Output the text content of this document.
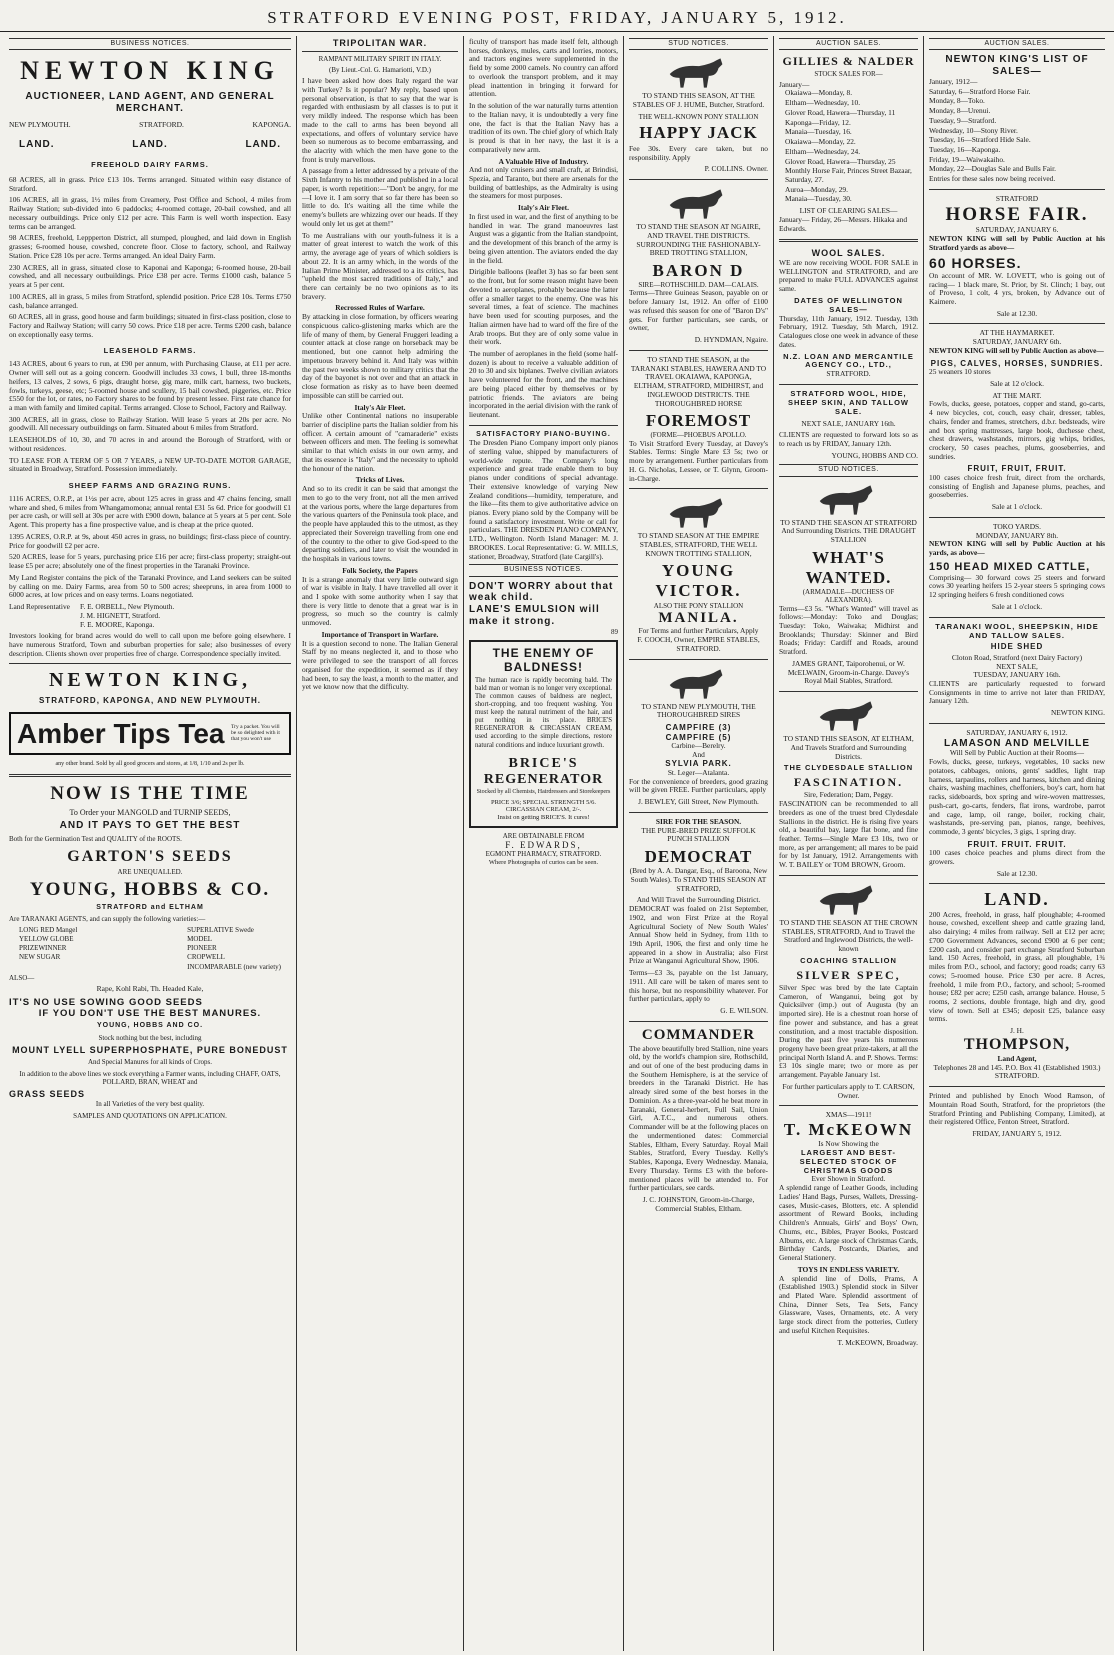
STRATFORD EVENING POST, FRIDAY, JANUARY 5, 1912.
BUSINESS NOTICES.
NEWTON KING
AUCTIONEER, LAND AGENT, AND GENERAL MERCHANT.
NEW PLYMOUTH.	STRATFORD.	KAPONGA.
LAND.	LAND.	LAND.
FREEHOLD DAIRY FARMS.

68 ACRES, all in grass. Price £13 10s. Terms arranged. Situated within easy distance of Stratford.

106 ACRES, all in grass, 1½ miles from Creamery, Post Office and School, 4 miles from Railway Station; sub-divided into 6 paddocks; 4-roomed cottage, 20-bail cowshed, and all necessary outbuildings. Price only £12 per acre. This Farm is well worth inspection. Easy terms can be arranged.

98 ACRES, freehold, Leppperton District, all stumped, ploughed, and laid down in English grasses; 6-roomed house, cowshed, concrete floor. Close to factory, school, and Railway Station. Price £28 10s per acre. Terms arranged. An ideal Dairy Farm.

230 ACRES, all in grass, situated close to Kaponai and Kaponga; 6-roomed house, 20-bail cowshed, and all necessary outbuildings. Price £38 per acre. Terms £1000 cash, balance 5 years at 5 per cent.

100 ACRES, all in grass, 5 miles from Stratford, splendid position. Price £28 10s. Terms £750 cash, balance arranged.

60 ACRES, all in grass, good house and farm buildings; situated in first-class position, close to Factory and Railway Station; will carry 50 cows. Price £18 per acre. Terms £200 cash, balance on exceptionally easy terms.

LEASEHOLD FARMS.

143 ACRES, about 6 years to run, at £90 per annum, with Purchasing Clause, at £11 per acre. Owner will sell out as a going concern. Goodwill includes 33 cows, 1 bull, three 18-months heifers, 13 calves, 2 sows, 6 pigs, draught horse, gig mare, milk cart, harness, two buckets, fowls, turkeys, geese, etc; 5-roomed house and scullery, 15 bail cowshed, piggeries, etc. Price £550 for the lot, or rates, no Factory shares to be found by present lessee. First rate chance for a man with family and limited capital. Terms arranged. Close to School, Factory and Railway.

300 ACRES, all in grass, close to Railway Station. Will lease 5 years at 20s per acre. No goodwill. All necessary outbuildings on farm. Situated about 6 miles from Stratford.

LEASEHOLDS of 10, 30, and 70 acres in and around the Borough of Stratford, with or without residences.

TO LEASE FOR A TERM OF 5 OR 7 YEARS, a NEW UP-TO-DATE MOTOR GARAGE, situated in Broadway, Stratford. Possession immediately.

SHEEP FARMS AND GRAZING RUNS.

1116 ACRES, O.R.P., at 1½s per acre, about 125 acres in grass and 47 chains fencing, small whare and shed, 6 miles from Whangamomona; annual rental £31 5s 6d. Price for goodwill £1 per acre cash, or will sell at 30s per acre with £900 down, balance at 5 years at 5 per cent. Sole Agent. This property has a fine prospective value, and is cheap at the price quoted.

1395 ACRES, O.R.P. at 9s, about 450 acres in grass, no buildings; first-class piece of country. Price for goodwill £2 per acre.

520 ACRES, lease for 5 years, purchasing price £16 per acre; first-class property; straight-out lease £5 per acre; absolutely one of the finest properties in the Taranaki Province.

My Land Register contains the pick of the Taranaki Province, and Land seekers can be suited by calling on me. Dairy Farms, area from 50 to 500 acres; sheepruns, in area from 1000 to 6000 acres, at low prices and on easy terms. Loans negotiated.

Land Representative F. E. ORBELL, New Plymouth.
J. M. HIGNETT, Stratford.
F. E. MOORE, Kaponga.

Investors looking for brand acres would do well to call upon me before going elsewhere. I have numerous Stratford, Town and suburban properties for sale; also businesses of every description. Clients shown over properties free of charge. Correspondence specially invited.

NEWTON KING,
STRATFORD, KAPONGA, AND NEW PLYMOUTH.
Amber Tips Tea Try a packet. You will be so delighted with it that you won't use
any other brand. Sold by all good grocers and stores, at 1/8, 1/10 and 2s per lb.
NOW IS THE TIME
To Order your MANGOLD and TURNIP SEEDS,
AND IT PAYS TO GET THE BEST
Both for the Germination Test and QUALITY of the ROOTS.
GARTON'S SEEDS
ARE UNEQUALLED.
YOUNG, HOBBS & CO.
STRATFORD and ELTHAM
Are TARANAKI AGENTS, and can supply the following varieties:—
LONG RED Mangel
YELLOW GLOBE
PRIZEWINNER
NEW SUGAR
SUPERLATIVE Swede
MODEL
PIONEER
CROPWELL
INCOMPARABLE (new variety)
ALSO—
Rape, Kohl Rabi, Th. Headed Kale,
IT'S NO USE SOWING GOOD SEEDS
IF YOU DON'T USE THE BEST MANURES.
YOUNG, HOBBS AND CO.
Stock nothing but the best, including
MOUNT LYELL SUPERPHOSPHATE, PURE BONEDUST
And Special Manures for all kinds of Crops.
In addition to the above lines we stock everything a Farmer wants, including CHAFF, OATS, POLLARD, BRAN, WHEAT and
GRASS SEEDS
In all Varieties of the very best quality.
SAMPLES AND QUOTATIONS ON APPLICATION.
TRIPOLITAN WAR.
RAMPANT MILITARY SPIRIT IN ITALY.
(By Lieut.-Col. G. Hamariotti, V.D.)

I have been asked how does Italy regard the war with Turkey? Is it popular? My reply, based upon personal observation, is that to say that the war is regarded with enthusiasm by all classes is to put it very mildly indeed. The response which has been made to the call to arms has been beyond all expectations, and offers of voluntary service have been so numerous as to become embarrassing, and the alacrity with which the men have gone to the front is truly marvellous.

A passage from a letter addressed by a private of the Sixth Infantry to his mother and published in a local paper, is worth repetition:—"Don't be angry, for me—I love it. I am sorry that so far there has been so little to do. It's waiting all the time while the enemy's bullets are whizzing over our heads. If they would only let us get at them!"

To me Australians with our youth-fulness it is a matter of great interest to watch the work of this army, the average age of years of which soldiers is about 22. It is an army which, in the words of the Italian Prime Minister, addressed to a its critics, has "upheld the most sacred traditions of Italy," and there can certainly be no two opinions as to its bravery.

Recrossed Rules of Warfare.

By attacking in close formation, by officers wearing conspicuous calico-glistening marks which are the life of many of them, by General Fruggeri leading a counter attack at close range on horseback may be mentioned, but one cannot help admiring the impetuous bravery behind it. And Italy was within the past two weeks shown to military critics that the day of the bayonet is not over and that an attack in close formation as risky as to have been deemed impossible can still be carried out.

Italy's Air Fleet.

Unlike other Continental nations no insuperable barrier of discipline parts the Italian soldier from his officer. A certain amount of "camaraderie" exists between officers and men. The feeling is somewhat similar to that which exists in our own army, and that its essence is "Italy" and the necessity to uphold the honour of the nation.

Tricks of Lives.

And so to its credit it can be said that amongst the men to go to the very front, not all the men arrived at the various ports, where the large departures from the various quarters of the Peninsula took place, and the people have applauded this to the utmost, as they appreciated their Sovereign travelling from one end of the country to the other to give God-speed to the departing soldiers, and later to visit the wounded in the hospitals in various towns.

Folk Society, the Papers

It is a strange anomaly that very little outward sign of war is visible in Italy. I have travelled all over it and I spoke with some authority when I say that there is very little to denote that a great war is in progress, so much so the country is calmly unmoved.

Importance of Transport in Warfare.

It is a question second to none. The Italian General Staff by no means neglected it, and to those who were privileged to see the transport of all forces organised for the expedition, it seemed as if they had been, to say the least, a month to the matter, and yet we know now that the difficulty.

ficulty of transport has made itself felt, although horses, donkeys, mules, carts and lorries, motors, and tractors engines were supplemented in the field by some 2000 camels. No country can afford to overlook the transport problem, and it may plead inattention in bringing it forward for attention.

In the solution of the war naturally turns attention to the Italian navy, it is undoubtedly a very fine one, the fact is that the Italian Navy has a tradition of its own. The chief glory of which Italy is proud is that in her navy, the last it is a comparatively new arm.

A Valuable Hive of Industry.

And not only cruisers and small craft, at Brindisi, Spezia, and Taranto, but there are arsenals for the building of battleships, as the Admiralty is using the steamers for most purposes.

Italy's Air Fleet.

In first used in war, and the first of anything to be handled in war. The grand manoeuvres last August was a gigantic from the Italian standpoint, and the development of this branch of the army is being given attention. The aviators ended the day in the field.

Dirigible balloons (leaflet 3) has so far been sent to the front, but for some reason might have been devoted to aeroplanes, probably because the latter offer a smaller target to the enemy. One was his several times, a feat of science. The machines have been used for scouting purposes, and the Italian airmen have had to ward off the fire of the Arab troops. But they are of only some value in their work.

The number of aeroplanes in the field (some half-dozen) is about to receive a valuable addition of 20 to 30 and six biplanes. Twelve civilian aviators have volunteered for the front, and the machines are being placed either by themselves or by patriotic friends. The aviators are being incorporated in the aerial division with the rank of lieutenant.

SATISFACTORY PIANO-BUYING.

The Dresden Piano Company import only pianos of sterling value, shipped by manufacturers of world-wide repute. The Company's long experience and great trade enable them to buy pianos under conditions of special advantage. Their extensive knowledge of varying New Zealand conditions—humidity, temperature, and the like—fits them to give authoritative advice on pianos. Every piano sold by the Company will be found a satisfactory investment. Write or call for particulars. THE DRESDEN PIANO COMPANY, LTD., Wellington. North Island Manager: M. J. BROOKES. Local Representative: G. W. MILLS, stationer, Broadway, Stratford (late Cargill's).

BUSINESS NOTICES.
DON'T WORRY about that weak child.
LANE'S EMULSION will make it strong.
89
THE ENEMY OF BALDNESS!

The human race is rapidly becoming bald. The bald man or woman is no longer very exceptional. The common causes of baldness are neglect, short-cropping, and too frequent washing. You must keep the natural nutriment of the hair, and put nothing in its place. BRICE'S REGENERATOR & CIRCASSIAN CREAM, used according to the simple directions, restore natural conditions and induce luxuriant growth.

BRICE'S
REGENERATOR
Stocked by all Chemists, Hairdressers and Storekeepers
PRICE 3/6; SPECIAL STRENGTH 5/6.
CIRCASSIAN CREAM, 2/-.
Insist on getting BRICE'S. It cures!
ARE OBTAINABLE FROM
F. EDWARDS,
EGMONT PHARMACY, STRATFORD.
Where Photographs of curios can be seen.
STUD NOTICES.

TO STAND THIS SEASON, AT THE STABLES OF J. HUME, Butcher, Stratford.

THE WELL-KNOWN PONY STALLION
HAPPY JACK

Fee 30s. Every care taken, but no responsibility. Apply

P. COLLINS. Owner.

TO STAND THE SEASON AT NGAIRE, AND TRAVEL THE DISTRICTS. SURROUNDING THE FASHIONABLY-BRED TROTTING STALLION,

BARON D
SIRE—ROTHSCHILD. DAM—CALAIS.

Terms—Three Guineas Season, payable on or before January 1st, 1912. An offer of £100 was refused this season for one of "Baron D's" gets. For further particulars, see cards, or owner,

D. HYNDMAN, Ngaire.

TO STAND THE SEASON, at the TARANAKI STABLES, HAWERA AND TO TRAVEL OKAIAWA, KAPONGA, ELTHAM, STRATFORD, MIDHIRST, and INGLEWOOD DISTRICTS. THE THOROUGHBRED HORSE

FOREMOST
(FORME—PHOEBUS APOLLO.

To Visit Stratford Every Tuesday, at Davey's Stables. Terms: Single Mare £3 5s; two or more by arrangement. Further particulars from H. G. Nicholas, Lessee, or T. Glynn, Groom-in-Charge.

TO STAND SEASON AT THE EMPIRE STABLES, STRATFORD, THE WELL KNOWN TROTTING STALLION,

YOUNG
VICTOR.
ALSO THE PONY STALLION
MANILA.
For Terms and further Particulars, Apply
F. COOCH, Owner, EMPIRE STABLES, STRATFORD.

TO STAND NEW PLYMOUTH, THE THOROUGHBRED SIRES

CAMPFIRE (3)
CAMPFIRE (5)
Carbine—Berelry.
And
SYLVIA PARK.
St. Leger—Atalanta.

For the convenience of breeders, good grazing will be given FREE. Further particulars, apply

J. BEWLEY, Gill Street, New Plymouth.
SIRE FOR THE SEASON.

THE PURE-BRED PRIZE SUFFOLK PUNCH STALLION

DEMOCRAT

(Bred by A. A. Dangar, Esq., of Baroona, New South Wales). To STAND THIS SEASON AT STRATFORD,

And Will Travel the Surrounding District.

DEMOCRAT was foaled on 21st September, 1902, and won First Prize at the Royal Agricultural Society of New South Wales' Annual Show held in Sydney, from 11th to 19th April, 1906, the first and only time he appeared in a show in Australia; also First Prize at Wanganui Agricultural Show, 1906.

Terms—£3 3s, payable on the 1st January, 1911. All care will be taken of mares sent to this horse, but no responsibility whatever. For further particulars, apply to

G. E. WILSON.
COMMANDER

The above beautifully bred Stallion, nine years old, by the world's champion sire, Rothschild, and out of one of the best producing dams in the Southern Hemisphere, is at the service of breeders in the Taranaki District. He has already sired some of the best horses in the Dominion. As a three-year-old he beat more in Taranaki, General-herbert, Full Sail, Union Girl, A.T.C., and numerous others. Commander will be at the following places on the undermentioned dates: Commercial Stables, Eltham, Every Saturday. Royal Mail Stables, Stratford, Every Tuesday. Kelly's Stables, Kaponga, Every Wednesday. Manaia, Every Thursday. Terms £3 with the before-mentioned places will be attended to. For further particulars, see cards.

J. C. JOHNSTON, Groom-in-Charge, Commercial Stables, Eltham.
AUCTION SALES.
GILLIES & NALDER
STOCK SALES FOR—
January—
Okaiawa—Monday, 8.
Eltham—Wednesday, 10.
Glover Road, Hawera—Thursday, 11
Kaponga—Friday, 12.
Manaia—Tuesday, 16.
Okaiawa—Monday, 22.
Eltham—Wednesday, 24.
Glover Road, Hawera—Thursday, 25
Monthly Horse Fair, Princes Street Bazaar, Saturday, 27.
Auroa—Monday, 29.
Manaia—Tuesday, 30.
LIST OF CLEARING SALES—
January— Friday, 26—Messrs. Hikaka and Edwards.
WOOL SALES.

WE are now receiving WOOL FOR SALE in WELLINGTON and STRATFORD, and are prepared to make FULL ADVANCES against same.

DATES OF WELLINGTON SALES—

Thursday, 11th January, 1912. Tuesday, 13th February, 1912. Tuesday, 5th March, 1912. Catalogues close one week in advance of these dates.

N.Z. LOAN AND MERCANTILE AGENCY CO., LTD.,
STRATFORD.
STRATFORD WOOL, HIDE, SHEEP SKIN, AND TALLOW SALE.
NEXT SALE, JANUARY 16th.

CLIENTS are requested to forward lots so as to reach us by FRIDAY, January 12th.

YOUNG, HOBBS AND CO.
STUD NOTICES.

TO STAND THE SEASON AT STRATFORD And Surrounding Districts. THE DRAUGHT STALLION

WHAT'S WANTED.
(ARMADALE—DUCHESS OF ALEXANDRA).

Terms—£3 5s. "What's Wanted" will travel as follows:—Monday: Toko and Douglas; Tuesday: Toko, Waiwaka; Midhirst and Brooklands; Thursday: Skinner and Bird Roads; Friday: Cardiff and Roads, around Stratford.

JAMES GRANT, Taiporohenui, or W. McELWAIN, Groom-in-Charge. Davey's Royal Mail Stables, Stratford.

TO STAND THIS SEASON, AT ELTHAM, And Travels Stratford and Surrounding Districts.

THE CLYDESDALE STALLION
FASCINATION.
Sire, Federation; Dam, Peggy.

FASCINATION can be recommended to all breeders as one of the truest bred Clydesdale Stallions in the district. He is rising five years old, a beautiful bay, large flat bone, and fine feather. Terms—Single Mare £3 10s, two or more, as per arrangement; all mares to be paid for by 1st January, 1912. Arrangements with W. T. BAILEY or TOM BROWN, Groom.

TO STAND THE SEASON AT THE CROWN STABLES, STRATFORD, And to Travel the Stratford and Inglewood Districts, the well-known

COACHING STALLION
SILVER SPEC,

Silver Spec was bred by the late Captain Cameron, of Wanganui, being got by Quicksilver (imp.) out of Augusta (by an imported sire). He is a chestnut roan horse of fine power and substance, and has a great constitution, and a most tractable disposition. During the past five years his numerous progeny have been great prize-takers, at all the principal North Island A. and P. Shows. Terms: £3 10s single mare; two or more as per arrangement. Payable January 1st.

For further particulars apply to T. CARSON, Owner.
XMAS—1911!
T. McKEOWN
Is Now Showing the
LARGEST AND BEST-SELECTED STOCK OF CHRISTMAS GOODS
Ever Shown in Stratford.

A splendid range of Leather Goods, including Ladies' Hand Bags, Purses, Wallets, Dressing-cases, Music-cases, Blotters, etc. A splendid assortment of Reward Books, including Children's Annuals, Girls' and Boys' Own, Chums, etc., Bibles, Prayer Books, Postcard Albums, etc. A large stock of Christmas Cards, Birthday Cards, Postcards, Diaries, and General Stationery.

TOYS IN ENDLESS VARIETY.

A splendid line of Dolls, Prams, A (Established 1903.) Splendid stock in Silver and Plated Ware. Splendid assortment of China, Dinner Sets, Tea Sets, Fancy Glassware, Vases, Ornaments, etc. A very large stock direct from the potteries, Cutlery and useful Kitchen Requisites.

T. McKEOWN, Broadway.
AUCTION SALES.
NEWTON KING'S LIST OF SALES—
January, 1912—
Saturday, 6—Stratford Horse Fair.
Monday, 8—Toko.
Monday, 8—Urenui.
Tuesday, 9—Stratford.
Wednesday, 10—Stony River.
Tuesday, 16—Stratford Hide Sale.
Tuesday, 16—Kaponga.
Friday, 19—Waiwakaiho.
Monday, 22—Douglas Sale and Bulls Fair.

Entries for these sales now being received.

STRATFORD
HORSE FAIR.
SATURDAY, JANUARY 6.

NEWTON KING will sell by Public Auction at his Stratford yards as above—

60 HORSES.

On account of MR. W. LOVETT, who is going out of racing— 1 black mare, St. Prior, by St. Clinch; 1 bay, out of Proveso, 1 colt, 4 yrs, broken, by Advance out of Kaimere.

Sale at 12.30.
AT THE HAYMARKET.
SATURDAY, JANUARY 6th.

NEWTON KING will sell by Public Auction as above—

PIGS, CALVES, HORSES, SUNDRIES.

25 weaners 10 stores

Sale at 12 o'clock.
AT THE MART.

Fowls, ducks, geese, potatoes, copper and stand, go-carts, 4 new bicycles, cot, couch, easy chair, dresser, tables, chairs, fender and frames, stretchers, d.b.r. bedsteads, wire and box spring mattresses, large book, duchesse chest, chest drawers, washstands, mirrors, gig whips, bridles, crockery, 50 cases peaches, plums, gooseberries, and sundries.

FRUIT, FRUIT, FRUIT.

100 cases choice fresh fruit, direct from the orchards, consisting of English and Japanese plums, peaches, and gooseberries.

Sale at 1 o'clock.
TOKO YARDS.
MONDAY, JANUARY 8th.

NEWTON KING will sell by Public Auction at his yards, as above—

150 HEAD MIXED CATTLE,

Comprising— 30 forward cows 25 steers and forward cows 30 yearling heifers 15 2-year steers 5 springing cows 12 springing heifers 6 fresh conditioned cows

Sale at 1 o'clock.
TARANAKI WOOL, SHEEPSKIN, HIDE AND TALLOW SALES.
HIDE SHED
Cloton Road, Stratford (next Dairy Factory)
NEXT SALE,
TUESDAY, JANUARY 16th.

CLIENTS are particularly requested to forward Consignments in time to arrive not later than FRIDAY, January 12th.

NEWTON KING.
SATURDAY, JANUARY 6, 1912.
LAMASON AND MELVILLE
Will Sell by Public Auction at their Rooms—

Fowls, ducks, geese, turkeys, vegetables, 10 sacks new potatoes, cabbages, onions, gents' saddles, light trap harness, tarpaulins, rollers and harness, kitchen and dining chairs, washing machines, cheffoniers, boy's cart, horn hat racks, sideboards, box spring and wire-woven mattresses, push-cart, go-carts, fenders, flat irons, wardrobe, parrot and cage, lamp, oil range, boiler, rocking chair, washstands, pre-serving pan, pianos, range, beehives, commode, 3 gents' bicycles, 3 gigs, 1 spring dray.

FRUIT. FRUIT. FRUIT.

100 cases choice peaches and plums direct from the growers.

Sale at 12.30.
LAND.

200 Acres, freehold, in grass, half ploughable; 4-roomed house, cowshed, excellent sheep and cattle grazing land, also dairying; 4 miles from railway. Sell at £12 per acre; £700 Government Advances, second £900 at 6 per cent; £200 cash, and consider part exchange Stratford Suburban land. 150 Acres, freehold, in grass, all ploughable, 1¾ miles from P.O., school, and factory; good roads; carry 63 cows; 5-roomed house. Price £30 per acre. 8 Acres, freehold, 1 mile from P.O., factory, and school; 5-roomed house; £82 per acre; £250 cash, arrange balance. House, 5 rooms, 2 sections, double frontage, high and dry, good view of town. Sell at £345; deposit £25, balance easy terms.

J. H.
THOMPSON,
Land Agent,
Telephones 28 and 145. P.O. Box 41 (Established 1903.)
STRATFORD.

Printed and published by Enoch Wood Ramson, of Mountain Road South, Stratford, for the proprietors (the Stratford Printing and Publishing Company, Limited), at their registered Office, Fenton Street, Stratford.

FRIDAY, JANUARY 5, 1912.
